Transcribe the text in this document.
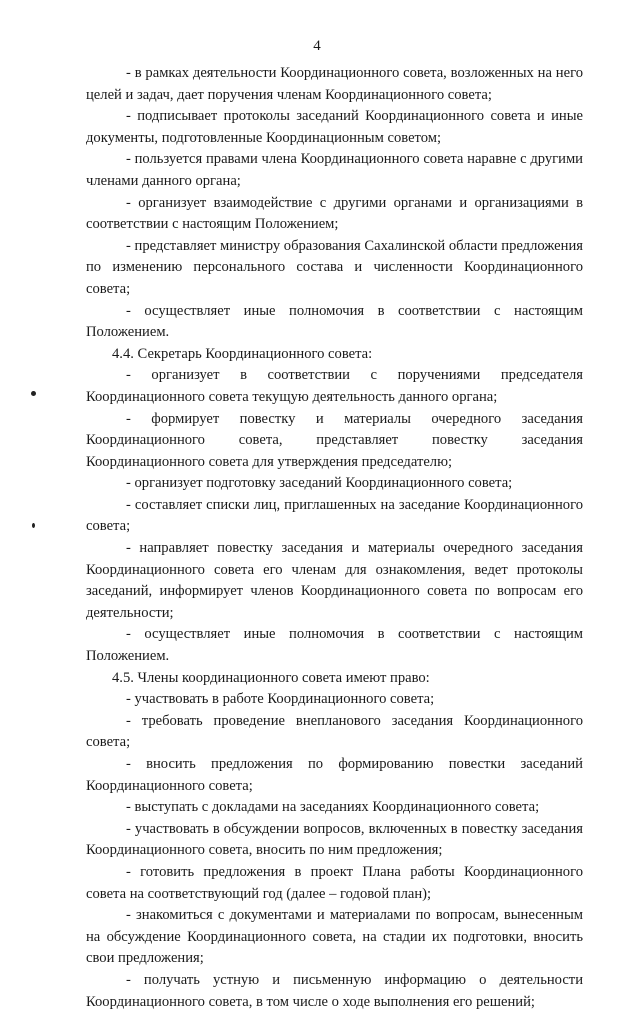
4
- в рамках деятельности Координационного совета, возложенных на него целей и задач, дает поручения членам Координационного совета;
- подписывает протоколы заседаний Координационного совета и иные документы, подготовленные Координационным советом;
- пользуется правами члена Координационного совета наравне с другими членами данного органа;
- организует взаимодействие с другими органами и организациями в соответствии с настоящим Положением;
- представляет министру образования Сахалинской области предложения по изменению персонального состава и численности Координационного совета;
- осуществляет иные полномочия в соответствии с настоящим Положением.
4.4. Секретарь Координационного совета:
- организует в соответствии с поручениями председателя Координационного совета текущую деятельность данного органа;
- формирует повестку и материалы очередного заседания Координационного совета, представляет повестку заседания Координационного совета для утверждения председателю;
- организует подготовку заседаний Координационного совета;
- составляет списки лиц, приглашенных на заседание Координационного совета;
- направляет повестку заседания и материалы очередного заседания Координационного совета его членам для ознакомления, ведет протоколы заседаний, информирует членов Координационного совета по вопросам его деятельности;
- осуществляет иные полномочия в соответствии с настоящим Положением.
4.5. Члены координационного совета имеют право:
- участвовать в работе Координационного совета;
- требовать проведение внепланового заседания Координационного совета;
- вносить предложения по формированию повестки заседаний Координационного совета;
- выступать с докладами на заседаниях Координационного совета;
- участвовать в обсуждении вопросов, включенных в повестку заседания Координационного совета, вносить по ним предложения;
- готовить предложения в проект Плана работы Координационного совета на соответствующий год (далее – годовой план);
- знакомиться с документами и материалами по вопросам, вынесенным на обсуждение Координационного совета, на стадии их подготовки, вносить свои предложения;
- получать устную и письменную информацию о деятельности Координационного совета, в том числе о ходе выполнения его решений;
